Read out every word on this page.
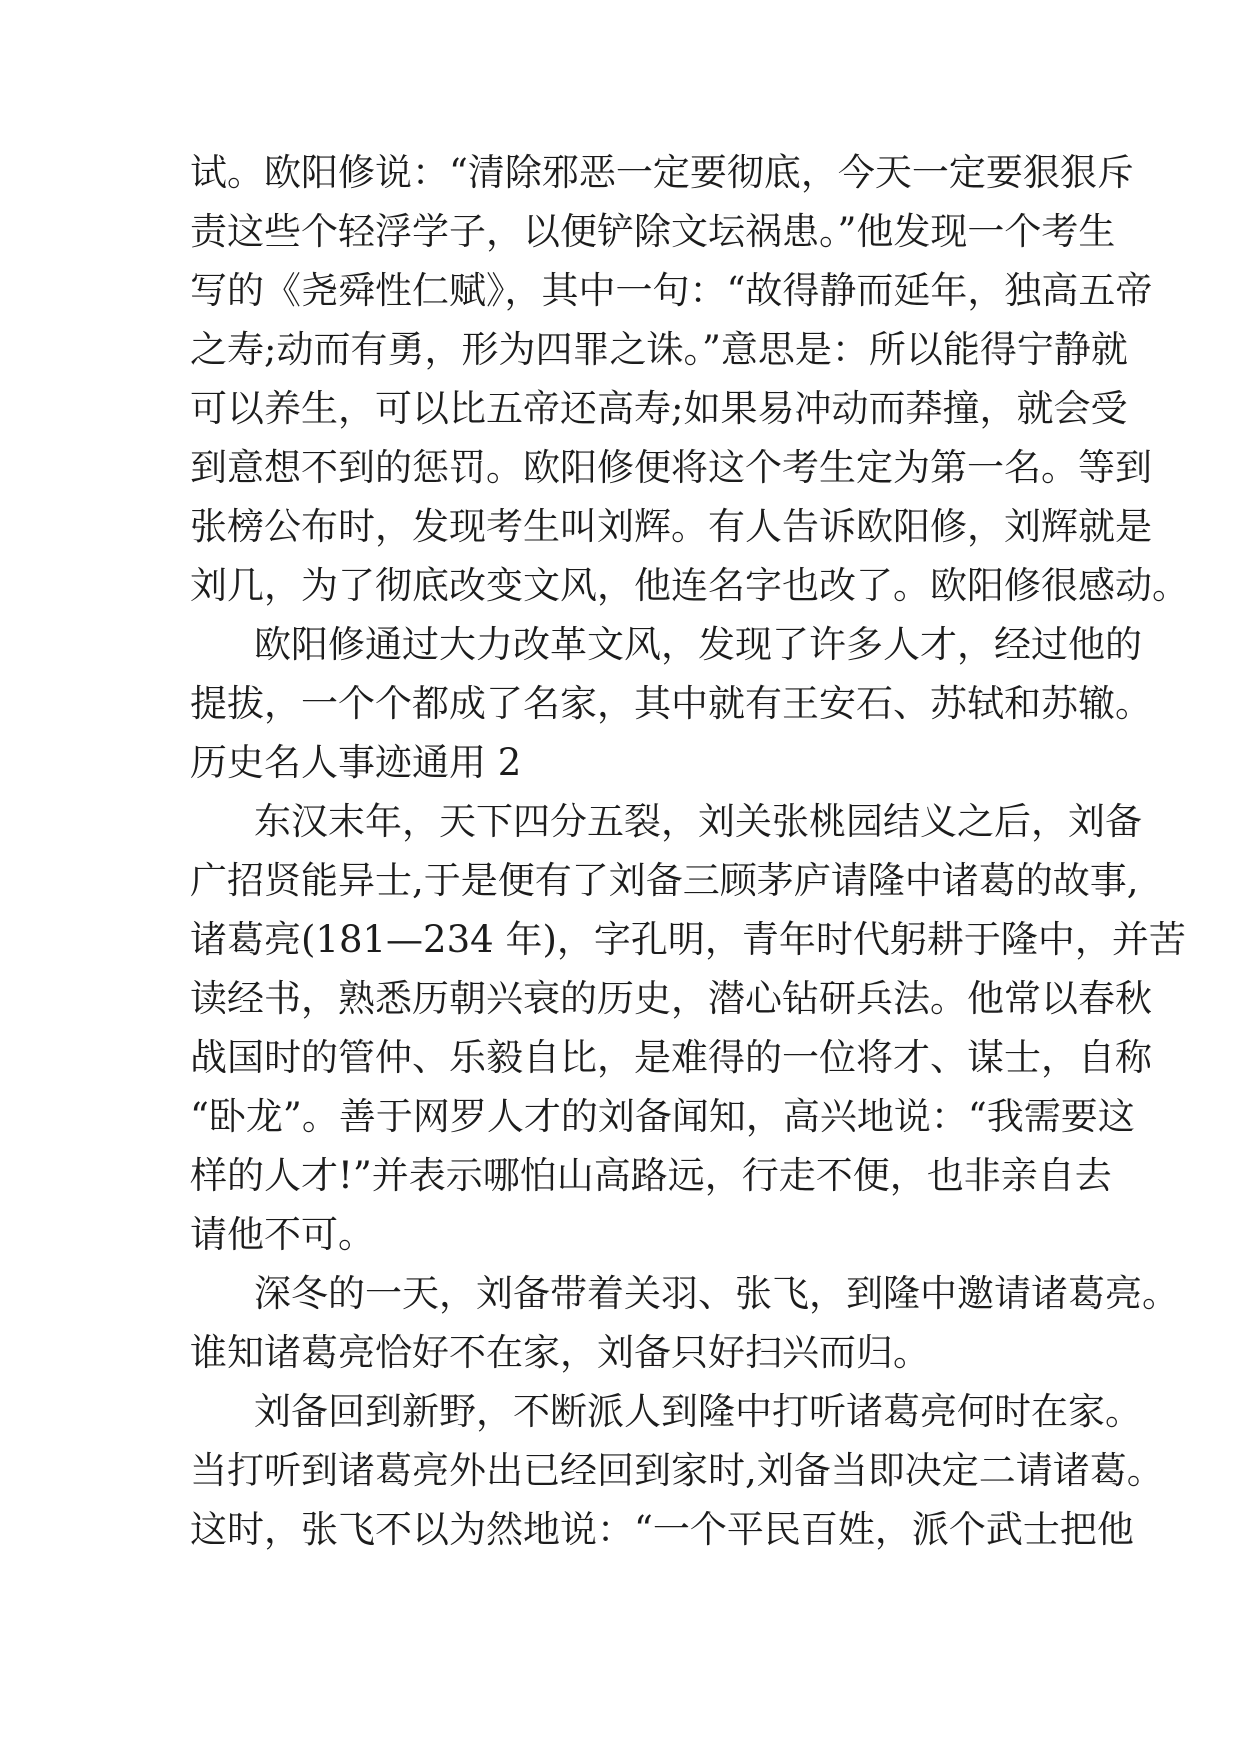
试。欧阳修说：“清除邪恶一定要彻底，今天一定要狠狠斥
责这些个轻浮学子，以便铲除文坛祸患。”他发现一个考生
写的《尧舜性仁赋》，其中一句：“故得静而延年，独高五帝
之寿;动而有勇，形为四罪之诛。”意思是：所以能得宁静就
可以养生，可以比五帝还高寿;如果易冲动而莽撞，就会受
到意想不到的惩罚。欧阳修便将这个考生定为第一名。等到
张榜公布时，发现考生叫刘辉。有人告诉欧阳修，刘辉就是
刘几，为了彻底改变文风，他连名字也改了。欧阳修很感动。
欧阳修通过大力改革文风，发现了许多人才，经过他的
提拔，一个个都成了名家，其中就有王安石、苏轼和苏辙。
历史名人事迹通用 2
东汉末年，天下四分五裂，刘关张桃园结义之后，刘备
广招贤能异士,于是便有了刘备三顾茅庐请隆中诸葛的故事,
诸葛亮(181—234 年)，字孔明，青年时代躬耕于隆中，并苦
读经书，熟悉历朝兴衰的历史，潜心钻研兵法。他常以春秋
战国时的管仲、乐毅自比，是难得的一位将才、谋士，自称
“卧龙”。善于网罗人才的刘备闻知，高兴地说：“我需要这
样的人才!”并表示哪怕山高路远，行走不便，也非亲自去
请他不可。
深冬的一天，刘备带着关羽、张飞，到隆中邀请诸葛亮。
谁知诸葛亮恰好不在家，刘备只好扫兴而归。
刘备回到新野，不断派人到隆中打听诸葛亮何时在家。
当打听到诸葛亮外出已经回到家时,刘备当即决定二请诸葛。
这时，张飞不以为然地说：“一个平民百姓，派个武士把他
